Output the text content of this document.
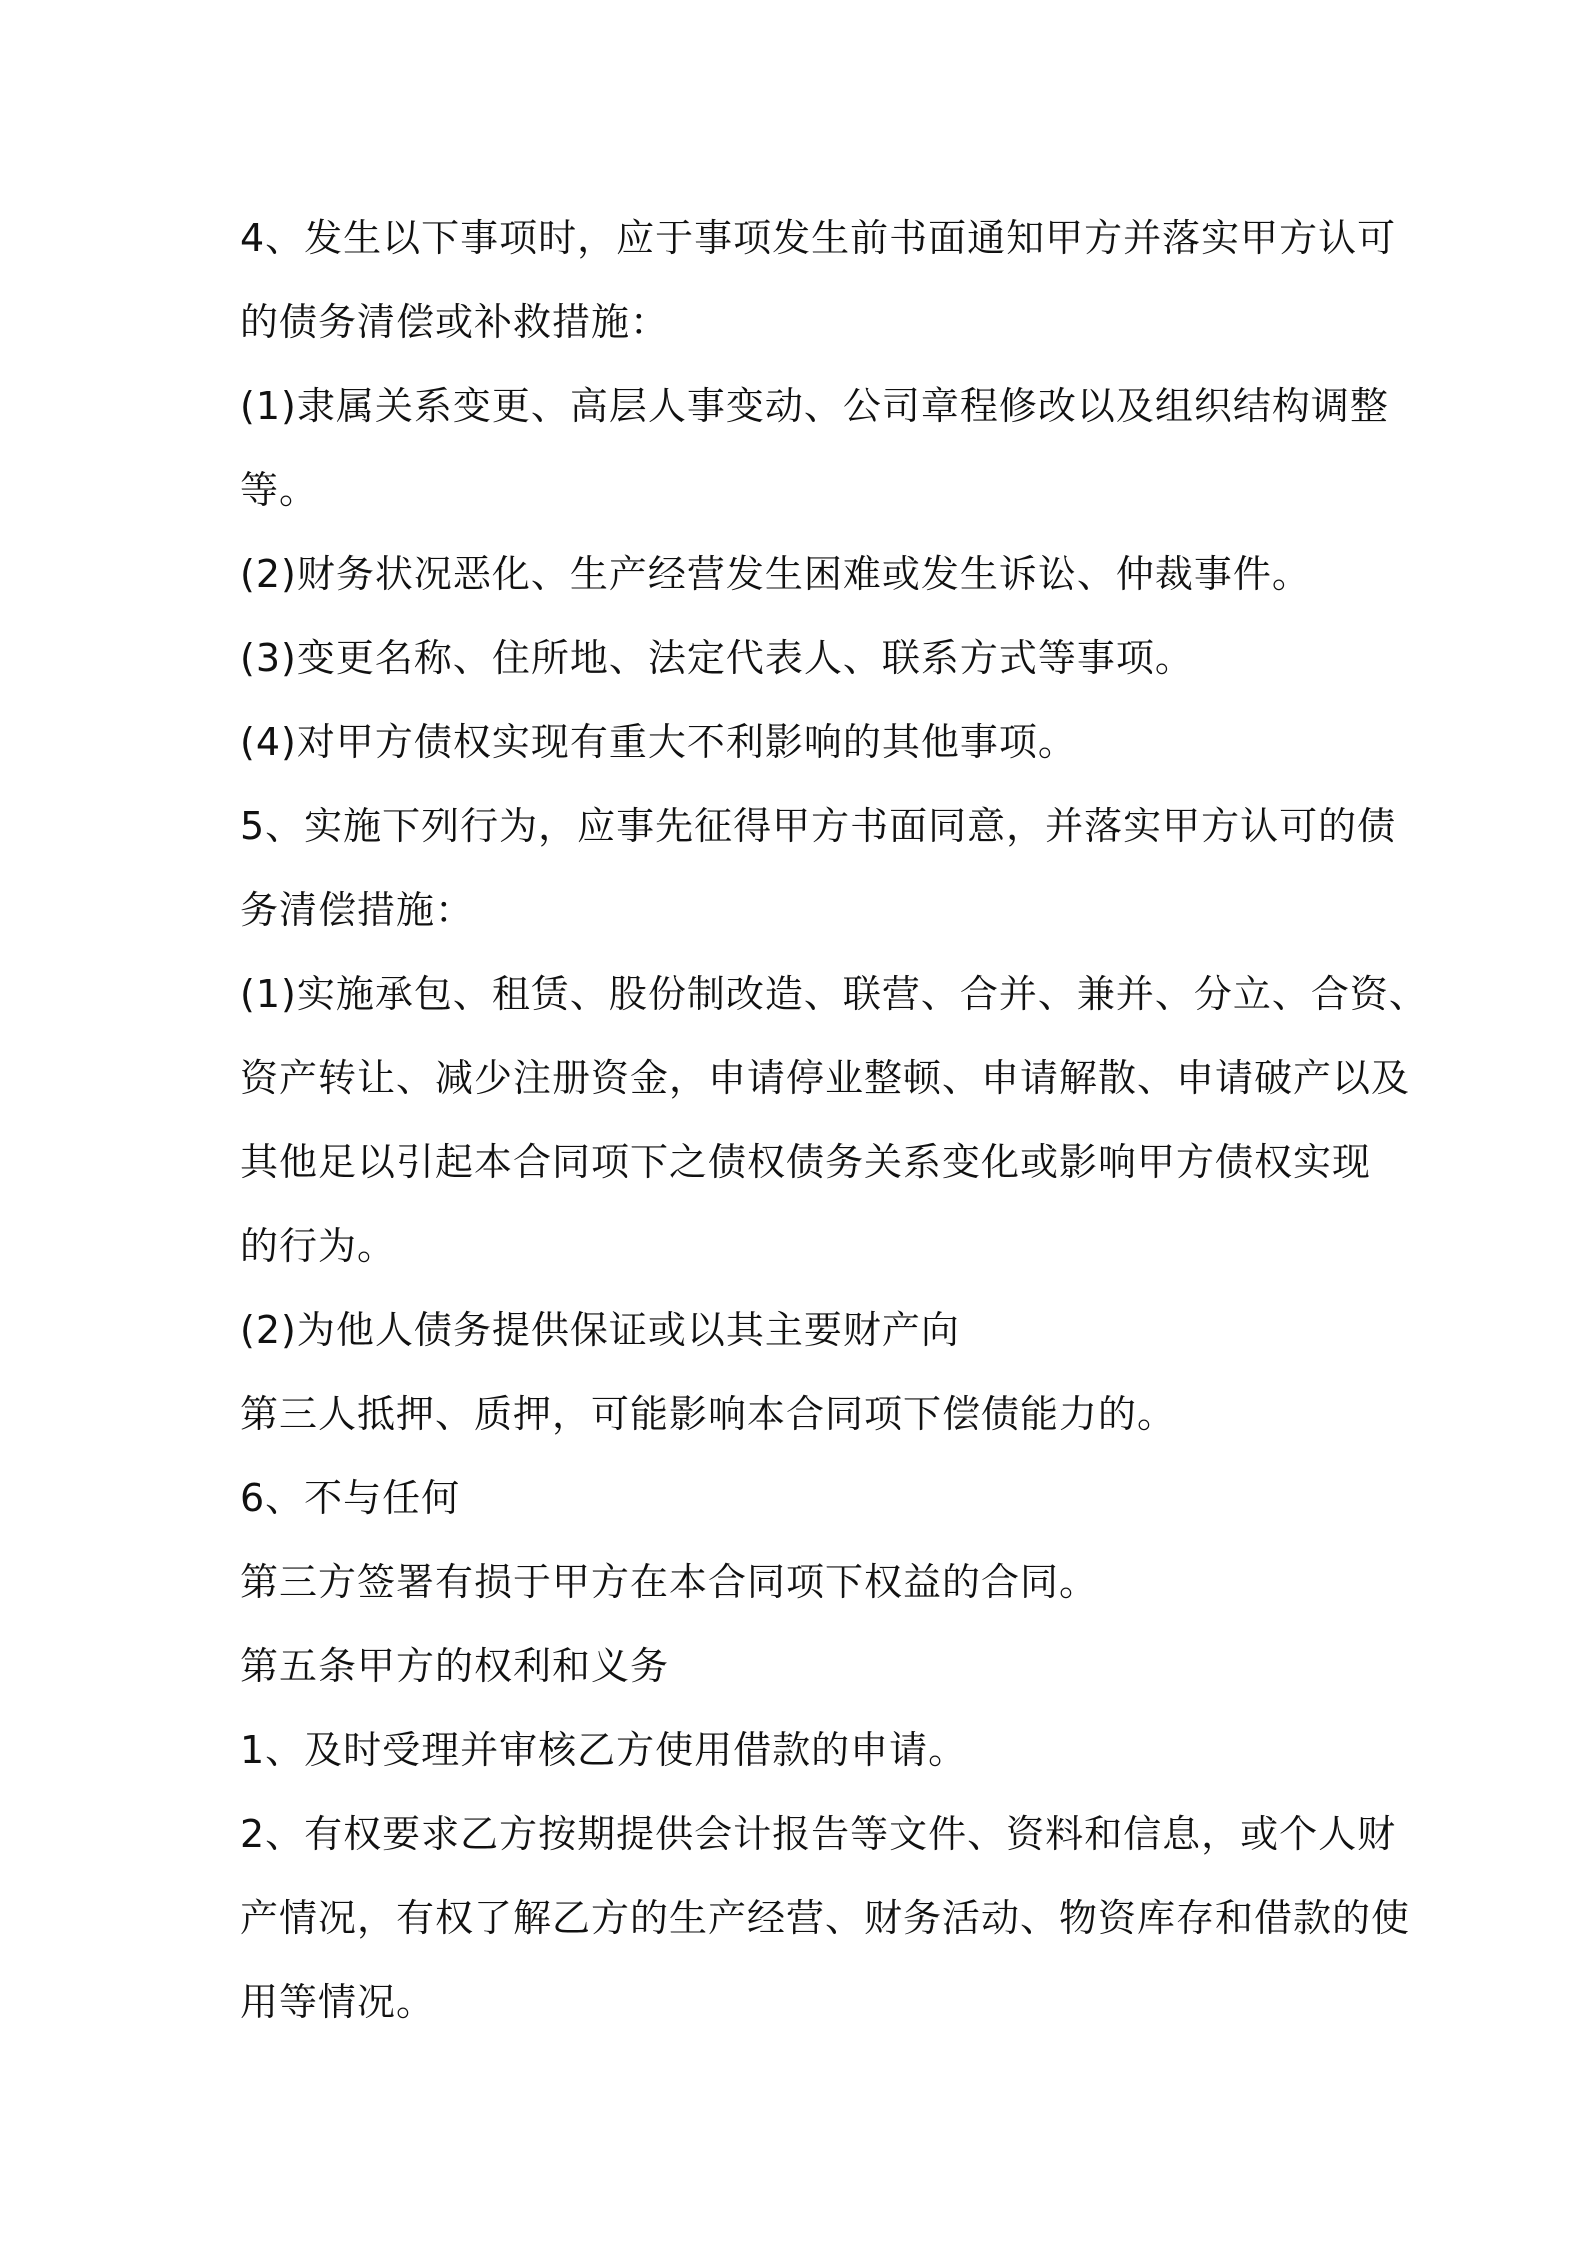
4、发生以下事项时，应于事项发生前书面通知甲方并落实甲方认可
的债务清偿或补救措施：
(1)隶属关系变更、高层人事变动、公司章程修改以及组织结构调整
等。
(2)财务状况恶化、生产经营发生困难或发生诉讼、仲裁事件。
(3)变更名称、住所地、法定代表人、联系方式等事项。
(4)对甲方债权实现有重大不利影响的其他事项。
5、实施下列行为，应事先征得甲方书面同意，并落实甲方认可的债
务清偿措施：
(1)实施承包、租赁、股份制改造、联营、合并、兼并、分立、合资、
资产转让、减少注册资金，申请停业整顿、申请解散、申请破产以及
其他足以引起本合同项下之债权债务关系变化或影响甲方债权实现
的行为。
(2)为他人债务提供保证或以其主要财产向
第三人抵押、质押，可能影响本合同项下偿债能力的。
6、不与任何
第三方签署有损于甲方在本合同项下权益的合同。
第五条甲方的权利和义务
1、及时受理并审核乙方使用借款的申请。
2、有权要求乙方按期提供会计报告等文件、资料和信息，或个人财
产情况，有权了解乙方的生产经营、财务活动、物资库存和借款的使
用等情况。
